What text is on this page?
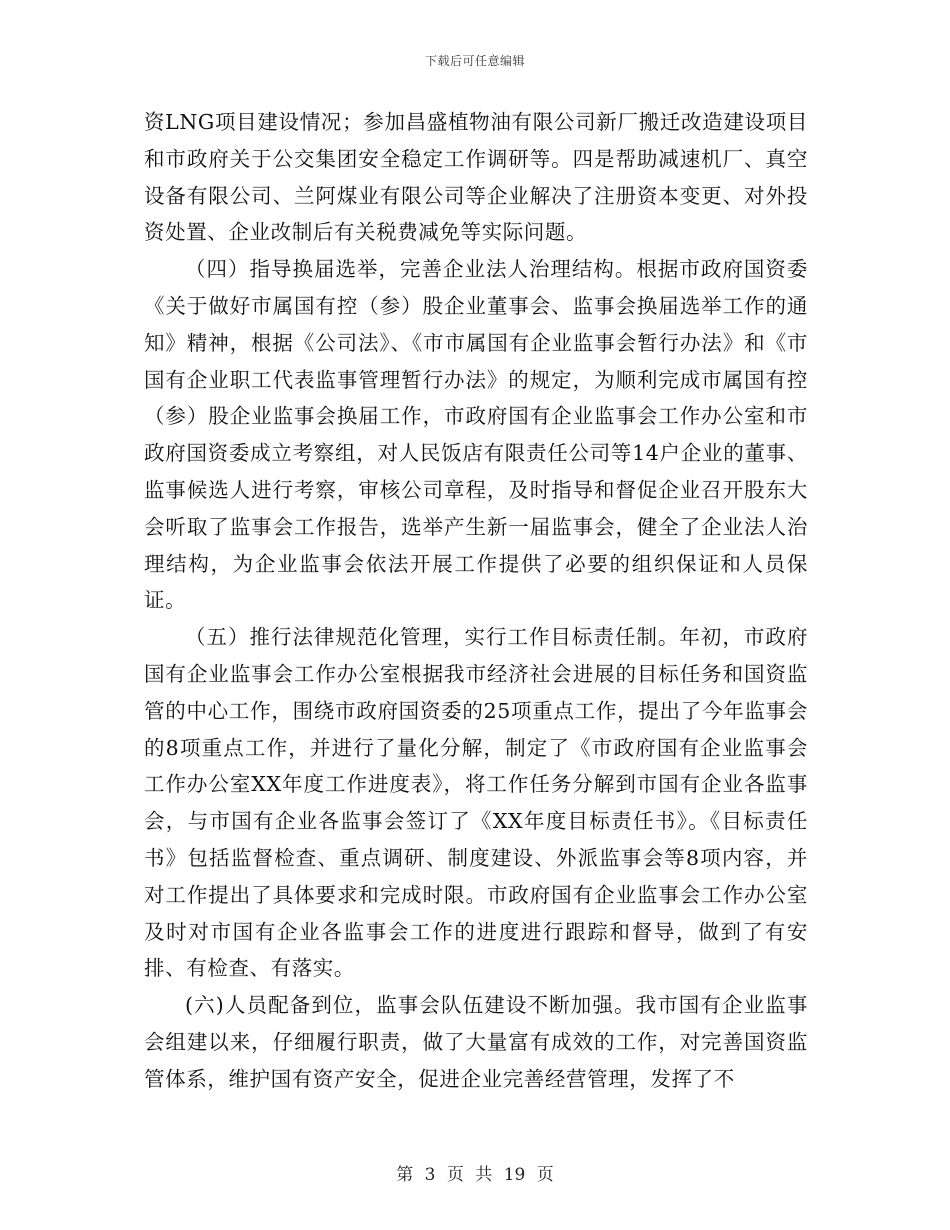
下载后可任意编辑

资LNG项目建设情况；参加昌盛植物油有限公司新厂搬迁改造建设项目和市政府关于公交集团安全稳定工作调研等。四是帮助减速机厂、真空设备有限公司、兰阿煤业有限公司等企业解决了注册资本变更、对外投资处置、企业改制后有关税费减免等实际问题。

（四）指导换届选举，完善企业法人治理结构。根据市政府国资委《关于做好市属国有控（参）股企业董事会、监事会换届选举工作的通知》精神，根据《公司法》、《市市属国有企业监事会暂行办法》和《市国有企业职工代表监事管理暂行办法》的规定，为顺利完成市属国有控（参）股企业监事会换届工作，市政府国有企业监事会工作办公室和市政府国资委成立考察组，对人民饭店有限责任公司等14户企业的董事、监事候选人进行考察，审核公司章程，及时指导和督促企业召开股东大会听取了监事会工作报告，选举产生新一届监事会，健全了企业法人治理结构，为企业监事会依法开展工作提供了必要的组织保证和人员保证。

（五）推行法律规范化管理，实行工作目标责任制。年初，市政府国有企业监事会工作办公室根据我市经济社会进展的目标任务和国资监管的中心工作，围绕市政府国资委的25项重点工作，提出了今年监事会的8项重点工作，并进行了量化分解，制定了《市政府国有企业监事会工作办公室XX年度工作进度表》，将工作任务分解到市国有企业各监事会，与市国有企业各监事会签订了《XX年度目标责任书》。《目标责任书》包括监督检查、重点调研、制度建设、外派监事会等8项内容，并对工作提出了具体要求和完成时限。市政府国有企业监事会工作办公室及时对市国有企业各监事会工作的进度进行跟踪和督导，做到了有安排、有检查、有落实。

(六)人员配备到位，监事会队伍建设不断加强。我市国有企业监事会组建以来，仔细履行职责，做了大量富有成效的工作，对完善国资监管体系，维护国有资产安全，促进企业完善经营管理，发挥了不

第 3 页 共 19 页
